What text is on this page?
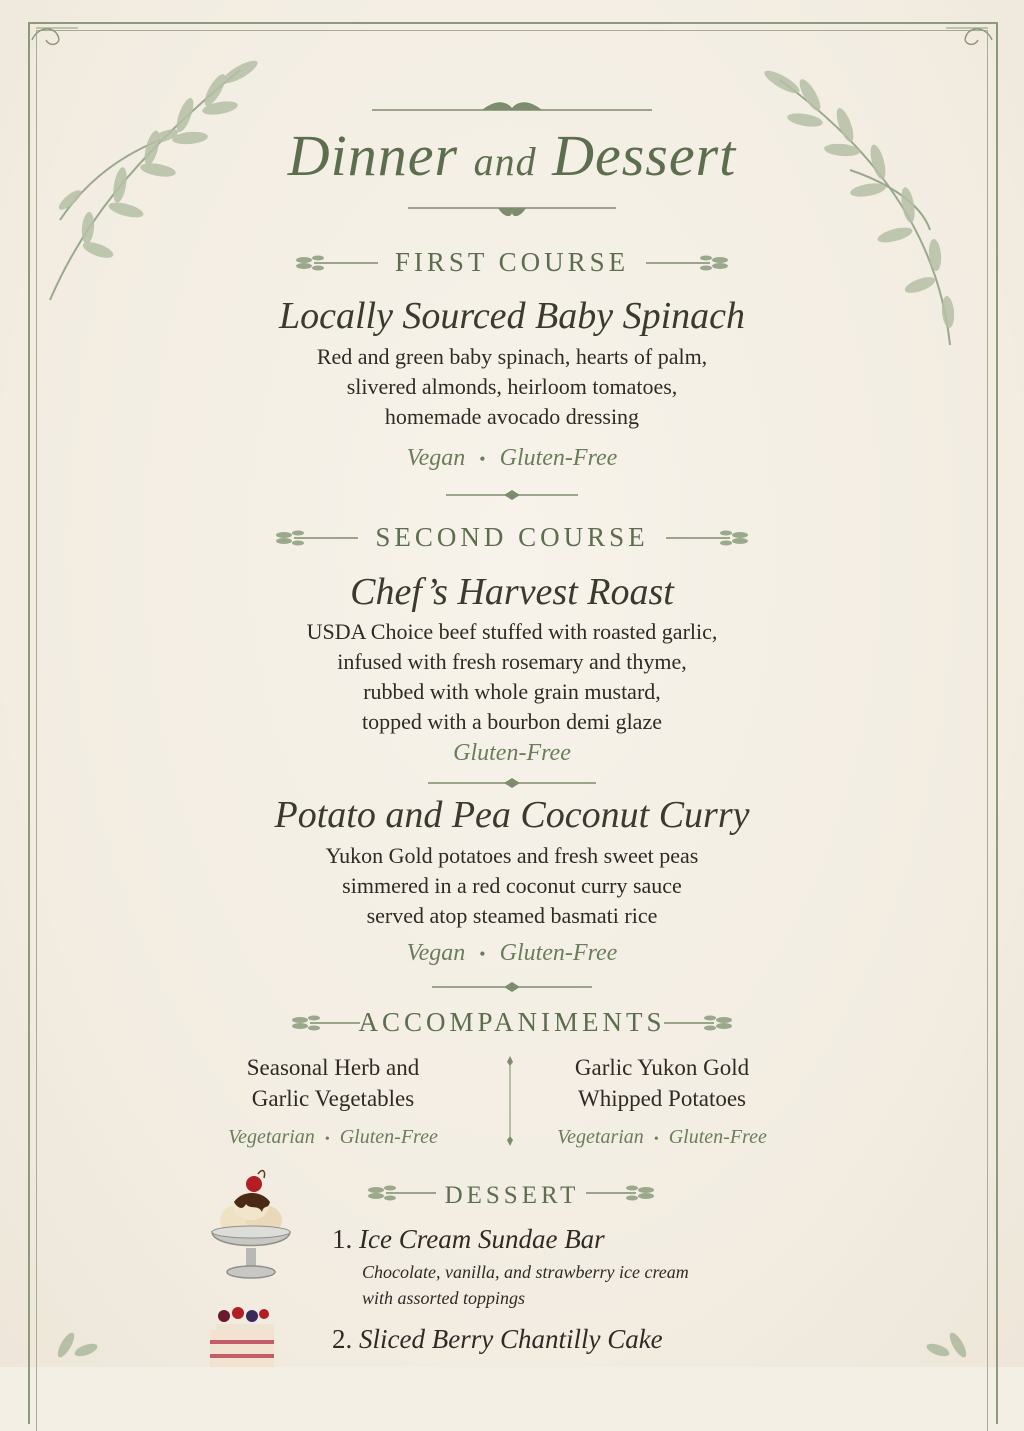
Dinner and Dessert
FIRST COURSE
Locally Sourced Baby Spinach
Red and green baby spinach, hearts of palm,
slivered almonds, heirloom tomatoes,
homemade avocado dressing
Vegan • Gluten-Free
SECOND COURSE
Chef’s Harvest Roast
USDA Choice beef stuffed with roasted garlic,
infused with fresh rosemary and thyme,
rubbed with whole grain mustard,
topped with a bourbon demi glaze
Gluten-Free
Potato and Pea Coconut Curry
Yukon Gold potatoes and fresh sweet peas
simmered in a red coconut curry sauce
served atop steamed basmati rice
Vegan • Gluten-Free
ACCOMPANIMENTS
Seasonal Herb and
Garlic Vegetables
Vegetarian • Gluten-Free
Garlic Yukon Gold
Whipped Potatoes
Vegetarian • Gluten-Free
DESSERT
1. Ice Cream Sundae Bar
Chocolate, vanilla, and strawberry ice cream
with assorted toppings
2. Sliced Berry Chantilly Cake
